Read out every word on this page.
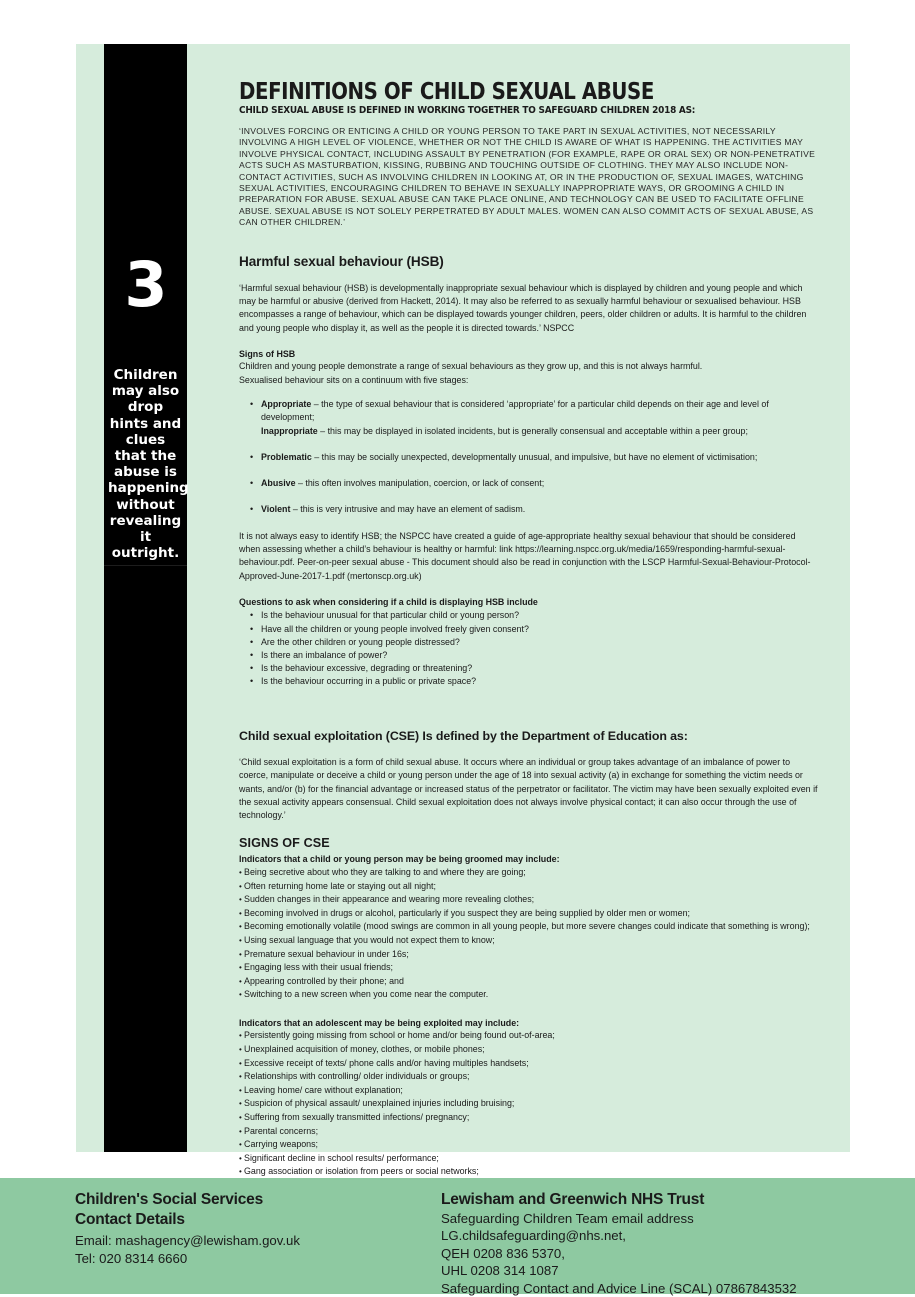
3
Children may also drop hints and clues that the abuse is happening without revealing it outright.
DEFINITIONS OF CHILD SEXUAL ABUSE
CHILD SEXUAL ABUSE IS DEFINED IN WORKING TOGETHER TO SAFEGUARD CHILDREN 2018 AS:

‘INVOLVES FORCING OR ENTICING A CHILD OR YOUNG PERSON TO TAKE PART IN SEXUAL ACTIVITIES, NOT NECESSARILY INVOLVING A HIGH LEVEL OF VIOLENCE, WHETHER OR NOT THE CHILD IS AWARE OF WHAT IS HAPPENING. THE ACTIVITIES MAY INVOLVE PHYSICAL CONTACT, INCLUDING ASSAULT BY PENETRATION (FOR EXAMPLE, RAPE OR ORAL SEX) OR NON-PENETRATIVE ACTS SUCH AS MASTURBATION, KISSING, RUBBING AND TOUCHING OUTSIDE OF CLOTHING. THEY MAY ALSO INCLUDE NON-CONTACT ACTIVITIES, SUCH AS INVOLVING CHILDREN IN LOOKING AT, OR IN THE PRODUCTION OF, SEXUAL IMAGES, WATCHING SEXUAL ACTIVITIES, ENCOURAGING CHILDREN TO BEHAVE IN SEXUALLY INAPPROPRIATE WAYS, OR GROOMING A CHILD IN PREPARATION FOR ABUSE. SEXUAL ABUSE CAN TAKE PLACE ONLINE, AND TECHNOLOGY CAN BE USED TO FACILITATE OFFLINE ABUSE. SEXUAL ABUSE IS NOT SOLELY PERPETRATED BY ADULT MALES. WOMEN CAN ALSO COMMIT ACTS OF SEXUAL ABUSE, AS CAN OTHER CHILDREN.’

Harmful sexual behaviour (HSB)

‘Harmful sexual behaviour (HSB) is developmentally inappropriate sexual behaviour which is displayed by children and young people and which may be harmful or abusive (derived from Hackett, 2014). It may also be referred to as sexually harmful behaviour or sexualised behaviour. HSB encompasses a range of behaviour, which can be displayed towards younger children, peers, older children or adults. It is harmful to the children and young people who display it, as well as the people it is directed towards.’ NSPCC

Signs of HSB

Children and young people demonstrate a range of sexual behaviours as they grow up, and this is not always harmful.

Sexualised behaviour sits on a continuum with five stages:

• Appropriate – the type of sexual behaviour that is considered ‘appropriate’ for a particular child depends on their age and level of development;
Inappropriate – this may be displayed in isolated incidents, but is generally consensual and acceptable within a peer group;
• Problematic – this may be socially unexpected, developmentally unusual, and impulsive, but have no element of victimisation;
• Abusive – this often involves manipulation, coercion, or lack of consent;
• Violent – this is very intrusive and may have an element of sadism.

It is not always easy to identify HSB; the NSPCC have created a guide of age-appropriate healthy sexual behaviour that should be considered when assessing whether a child’s behaviour is healthy or harmful: link https://learning.nspcc.org.uk/media/1659/responding-harmful-sexual-behaviour.pdf. Peer-on-peer sexual abuse - This document should also be read in conjunction with the LSCP Harmful-Sexual-Behaviour-Protocol-Approved-June-2017-1.pdf (mertonscp.org.uk)

Questions to ask when considering if a child is displaying HSB include
• Is the behaviour unusual for that particular child or young person?
• Have all the children or young people involved freely given consent?
• Are the other children or young people distressed?
• Is there an imbalance of power?
• Is the behaviour excessive, degrading or threatening?
• Is the behaviour occurring in a public or private space?
Child sexual exploitation (CSE) Is defined by the Department of Education as:

‘Child sexual exploitation is a form of child sexual abuse. It occurs where an individual or group takes advantage of an imbalance of power to coerce, manipulate or deceive a child or young person under the age of 18 into sexual activity (a) in exchange for something the victim needs or wants, and/or (b) for the financial advantage or increased status of the perpetrator or facilitator. The victim may have been sexually exploited even if the sexual activity appears consensual. Child sexual exploitation does not always involve physical contact; it can also occur through the use of technology.’

SIGNS OF CSE
Indicators that a child or young person may be being groomed may include:
• Being secretive about who they are talking to and where they are going;
• Often returning home late or staying out all night;
• Sudden changes in their appearance and wearing more revealing clothes;
• Becoming involved in drugs or alcohol, particularly if you suspect they are being supplied by older men or women;
• Becoming emotionally volatile (mood swings are common in all young people, but more severe changes could indicate that something is wrong);
• Using sexual language that you would not expect them to know;
• Premature sexual behaviour in under 16s;
• Engaging less with their usual friends;
• Appearing controlled by their phone; and
• Switching to a new screen when you come near the computer.
Indicators that an adolescent may be being exploited may include:
• Persistently going missing from school or home and/or being found out-of-area;
• Unexplained acquisition of money, clothes, or mobile phones;
• Excessive receipt of texts/ phone calls and/or having multiples handsets;
• Relationships with controlling/ older individuals or groups;
• Leaving home/ care without explanation;
• Suspicion of physical assault/ unexplained injuries including bruising;
• Suffering from sexually transmitted infections/ pregnancy;
• Parental concerns;
• Carrying weapons;
• Significant decline in school results/ performance;
• Gang association or isolation from peers or social networks;
•
•
•
Children's Social Services
Contact Details
Email: mashagency@lewisham.gov.uk
Tel: 020 8314 6660
Lewisham and Greenwich NHS Trust
Safeguarding Children Team email address
LG.childsafeguarding@nhs.net,
QEH 0208 836 5370,
UHL 0208 314 1087
Safeguarding Contact and Advice Line (SCAL) 07867843532
